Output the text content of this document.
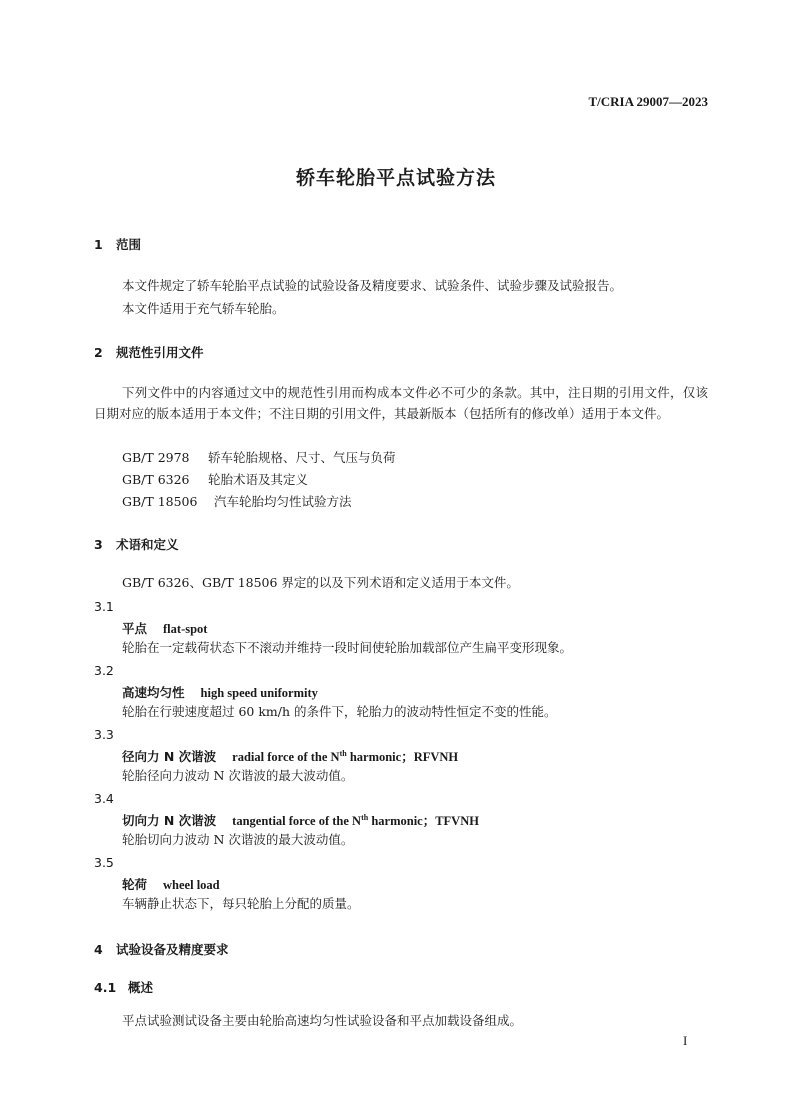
T/CRIA 29007—2023
轿车轮胎平点试验方法
1 范围
本文件规定了轿车轮胎平点试验的试验设备及精度要求、试验条件、试验步骤及试验报告。
本文件适用于充气轿车轮胎。
2 规范性引用文件
下列文件中的内容通过文中的规范性引用而构成本文件必不可少的条款。其中，注日期的引用文件，仅该日期对应的版本适用于本文件；不注日期的引用文件，其最新版本（包括所有的修改单）适用于本文件。
GB/T 2978 轿车轮胎规格、尺寸、气压与负荷
GB/T 6326 轮胎术语及其定义
GB/T 18506 汽车轮胎均匀性试验方法
3 术语和定义
GB/T 6326、GB/T 18506 界定的以及下列术语和定义适用于本文件。
3.1
平点 flat-spot
轮胎在一定载荷状态下不滚动并维持一段时间使轮胎加载部位产生扁平变形现象。
3.2
高速均匀性 high speed uniformity
轮胎在行驶速度超过 60 km/h 的条件下，轮胎力的波动特性恒定不变的性能。
3.3
径向力 N 次谐波 radial force of the $N^{th}$ harmonic；RFVNH
轮胎径向力波动 N 次谐波的最大波动值。
3.4
切向力 N 次谐波 tangential force of the $N^{th}$ harmonic；TFVNH
轮胎切向力波动 N 次谐波的最大波动值。
3.5
轮荷 wheel load
车辆静止状态下，每只轮胎上分配的质量。
4 试验设备及精度要求
4.1 概述
平点试验测试设备主要由轮胎高速均匀性试验设备和平点加载设备组成。
I
